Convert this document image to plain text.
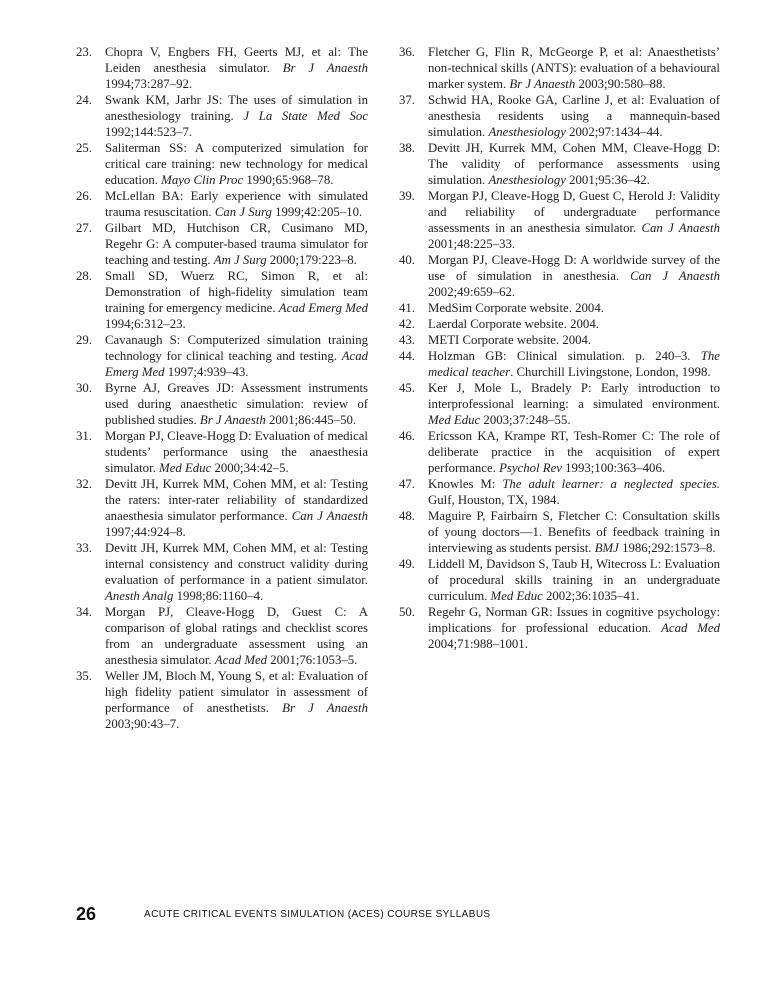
23.	Chopra V, Engbers FH, Geerts MJ, et al: The Leiden anesthesia simulator. Br J Anaesth 1994;73:287–92.
24.	Swank KM, Jarhr JS: The uses of simulation in anesthesiology training. J La State Med Soc 1992;144:523–7.
25.	Saliterman SS: A computerized simulation for critical care training: new technology for medical education. Mayo Clin Proc 1990;65:968–78.
26.	McLellan BA: Early experience with simulated trauma resuscitation. Can J Surg 1999;42:205–10.
27.	Gilbart MD, Hutchison CR, Cusimano MD, Regehr G: A computer-based trauma simulator for teaching and testing. Am J Surg 2000;179:223–8.
28.	Small SD, Wuerz RC, Simon R, et al: Demonstration of high-fidelity simulation team training for emergency medicine. Acad Emerg Med 1994;6:312–23.
29.	Cavanaugh S: Computerized simulation training technology for clinical teaching and testing. Acad Emerg Med 1997;4:939–43.
30.	Byrne AJ, Greaves JD: Assessment instruments used during anaesthetic simulation: review of published studies. Br J Anaesth 2001;86:445–50.
31.	Morgan PJ, Cleave-Hogg D: Evaluation of medical students’ performance using the anaesthesia simulator. Med Educ 2000;34:42–5.
32.	Devitt JH, Kurrek MM, Cohen MM, et al: Testing the raters: inter-rater reliability of standardized anaesthesia simulator performance. Can J Anaesth 1997;44:924–8.
33.	Devitt JH, Kurrek MM, Cohen MM, et al: Testing internal consistency and construct validity during evaluation of performance in a patient simulator. Anesth Analg 1998;86:1160–4.
34.	Morgan PJ, Cleave-Hogg D, Guest C: A comparison of global ratings and checklist scores from an undergraduate assessment using an anesthesia simulator. Acad Med 2001;76:1053–5.
35.	Weller JM, Bloch M, Young S, et al: Evaluation of high fidelity patient simulator in assessment of performance of anesthetists. Br J Anaesth 2003;90:43–7.
36.	Fletcher G, Flin R, McGeorge P, et al: Anaesthetists’ non-technical skills (ANTS): evaluation of a behavioural marker system. Br J Anaesth 2003;90:580–88.
37.	Schwid HA, Rooke GA, Carline J, et al: Evaluation of anesthesia residents using a mannequin-based simulation. Anesthesiology 2002;97:1434–44.
38.	Devitt JH, Kurrek MM, Cohen MM, Cleave-Hogg D: The validity of performance assessments using simulation. Anesthesiology 2001;95:36–42.
39.	Morgan PJ, Cleave-Hogg D, Guest C, Herold J: Validity and reliability of undergraduate performance assessments in an anesthesia simulator. Can J Anaesth 2001;48:225–33.
40.	Morgan PJ, Cleave-Hogg D: A worldwide survey of the use of simulation in anesthesia. Can J Anaesth 2002;49:659–62.
41.	MedSim Corporate website. 2004.
42.	Laerdal Corporate website. 2004.
43.	METI Corporate website. 2004.
44.	Holzman GB: Clinical simulation. p. 240–3. The medical teacher. Churchill Livingstone, London, 1998.
45.	Ker J, Mole L, Bradely P: Early introduction to interprofessional learning: a simulated environment. Med Educ 2003;37:248–55.
46.	Ericsson KA, Krampe RT, Tesh-Romer C: The role of deliberate practice in the acquisition of expert performance. Psychol Rev 1993;100:363–406.
47.	Knowles M: The adult learner: a neglected species. Gulf, Houston, TX, 1984.
48.	Maguire P, Fairbairn S, Fletcher C: Consultation skills of young doctors—1. Benefits of feedback training in interviewing as students persist. BMJ 1986;292:1573–8.
49.	Liddell M, Davidson S, Taub H, Witecross L: Evaluation of procedural skills training in an undergraduate curriculum. Med Educ 2002;36:1035–41.
50.	Regehr G, Norman GR: Issues in cognitive psychology: implications for professional education. Acad Med 2004;71:988–1001.
26	ACUTE CRITICAL EVENTS SIMULATION (ACES) COURSE SYLLABUS
